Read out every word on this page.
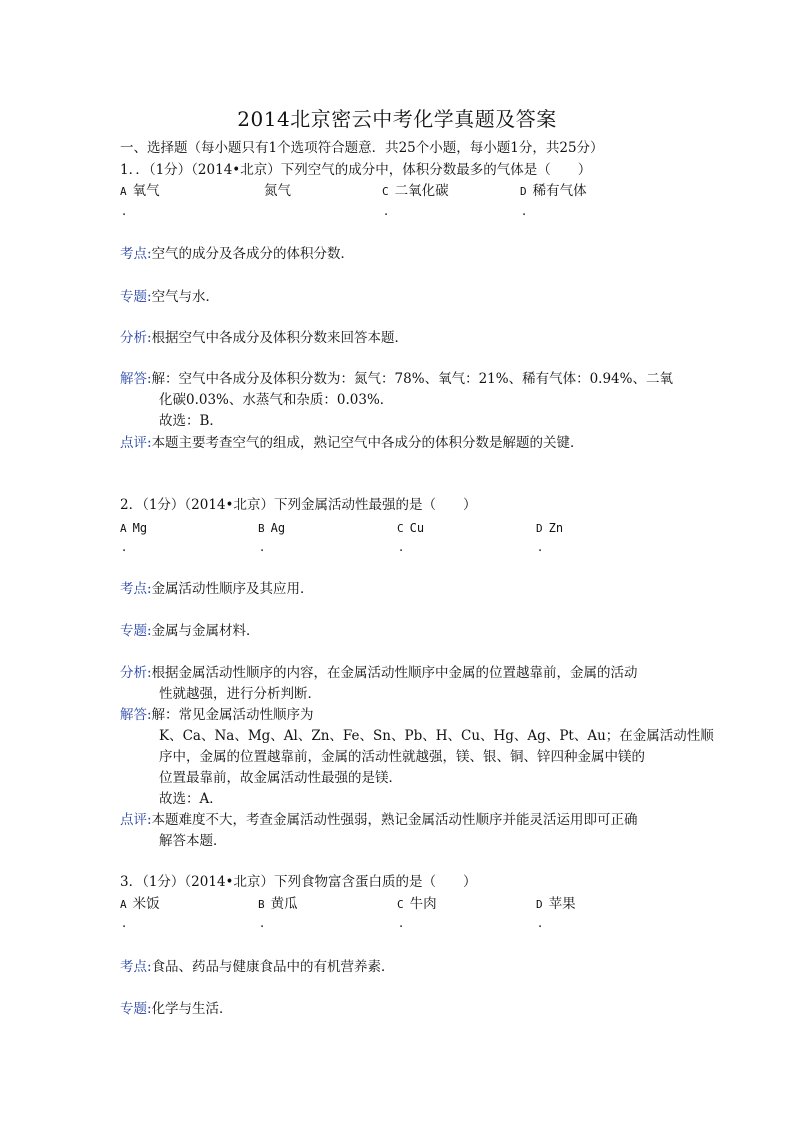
2014北京密云中考化学真题及答案
一、选择题（每小题只有1个选项符合题意．共25个小题，每小题1分，共25分）
1．．（1分）（2014•北京）下列空气的成分中，体积分数最多的气体是（　　）
A 氧气	氮气	C 二氧化碳	D 稀有气体
.	.	.
考点:空气的成分及各成分的体积分数．
专题:空气与水．
分析:根据空气中各成分及体积分数来回答本题．
解答:解：空气中各成分及体积分数为：氮气：78%、氧气：21%、稀有气体：0.94%、二氧
化碳0.03%、水蒸气和杂质：0.03%．
故选：B．
点评:本题主要考查空气的组成，熟记空气中各成分的体积分数是解题的关键．
2．（1分）（2014•北京）下列金属活动性最强的是（　　）
A Mg	B Ag	C Cu	D Zn
.	.	.	.
考点:金属活动性顺序及其应用．
专题:金属与金属材料．
分析:根据金属活动性顺序的内容，在金属活动性顺序中金属的位置越靠前，金属的活动
性就越强，进行分析判断．
解答:解：常见金属活动性顺序为
K、Ca、Na、Mg、Al、Zn、Fe、Sn、Pb、H、Cu、Hg、Ag、Pt、Au；在金属活动性顺
序中，金属的位置越靠前，金属的活动性就越强，镁、银、铜、锌四种金属中镁的
位置最靠前，故金属活动性最强的是镁．
故选：A．
点评:本题难度不大，考查金属活动性强弱，熟记金属活动性顺序并能灵活运用即可正确
解答本题．
3．（1分）（2014•北京）下列食物富含蛋白质的是（　　）
A 米饭	B 黄瓜	C 牛肉	D 苹果
.	.	.	.
考点:食品、药品与健康食品中的有机营养素．
专题:化学与生活．
